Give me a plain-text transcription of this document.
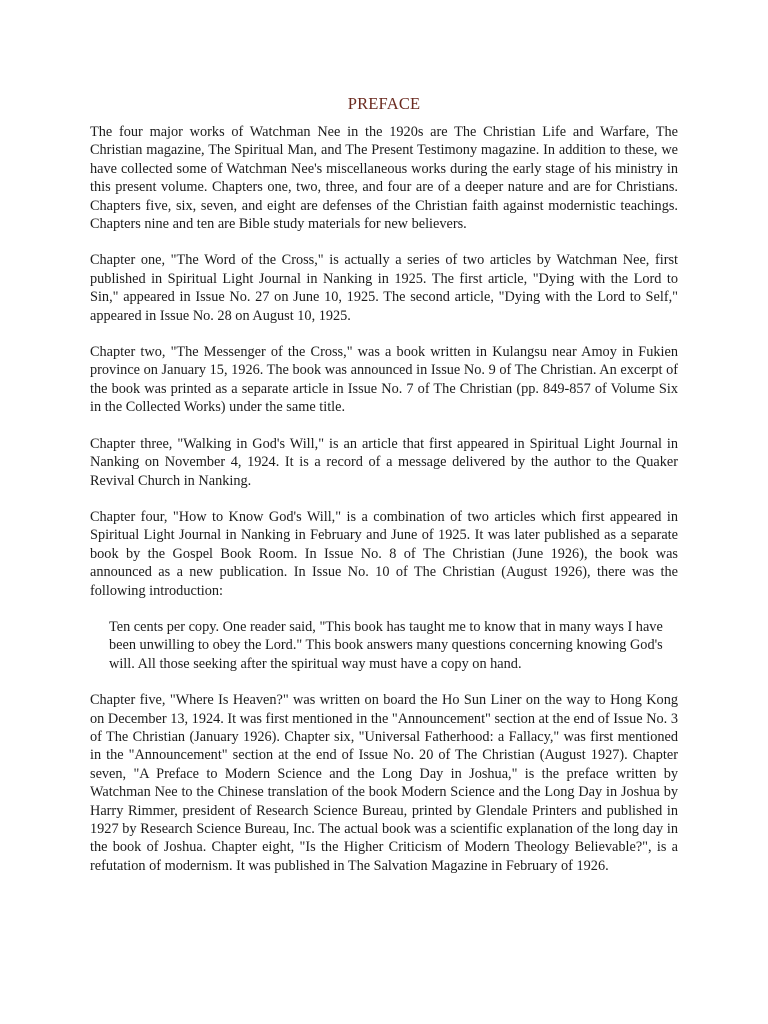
PREFACE

The four major works of Watchman Nee in the 1920s are The Christian Life and Warfare, The Christian magazine, The Spiritual Man, and The Present Testimony magazine. In addition to these, we have collected some of Watchman Nee's miscellaneous works during the early stage of his ministry in this present volume. Chapters one, two, three, and four are of a deeper nature and are for Christians. Chapters five, six, seven, and eight are defenses of the Christian faith against modernistic teachings. Chapters nine and ten are Bible study materials for new believers.

Chapter one, "The Word of the Cross," is actually a series of two articles by Watchman Nee, first published in Spiritual Light Journal in Nanking in 1925. The first article, "Dying with the Lord to Sin," appeared in Issue No. 27 on June 10, 1925. The second article, "Dying with the Lord to Self," appeared in Issue No. 28 on August 10, 1925.

Chapter two, "The Messenger of the Cross," was a book written in Kulangsu near Amoy in Fukien province on January 15, 1926. The book was announced in Issue No. 9 of The Christian. An excerpt of the book was printed as a separate article in Issue No. 7 of The Christian (pp. 849-857 of Volume Six in the Collected Works) under the same title.

Chapter three, "Walking in God's Will," is an article that first appeared in Spiritual Light Journal in Nanking on November 4, 1924. It is a record of a message delivered by the author to the Quaker Revival Church in Nanking.

Chapter four, "How to Know God's Will," is a combination of two articles which first appeared in Spiritual Light Journal in Nanking in February and June of 1925. It was later published as a separate book by the Gospel Book Room. In Issue No. 8 of The Christian (June 1926), the book was announced as a new publication. In Issue No. 10 of The Christian (August 1926), there was the following introduction:

Ten cents per copy. One reader said, "This book has taught me to know that in many ways I have been unwilling to obey the Lord." This book answers many questions concerning knowing God's will. All those seeking after the spiritual way must have a copy on hand.

Chapter five, "Where Is Heaven?" was written on board the Ho Sun Liner on the way to Hong Kong on December 13, 1924. It was first mentioned in the "Announcement" section at the end of Issue No. 3 of The Christian (January 1926). Chapter six, "Universal Fatherhood: a Fallacy," was first mentioned in the "Announcement" section at the end of Issue No. 20 of The Christian (August 1927). Chapter seven, "A Preface to Modern Science and the Long Day in Joshua," is the preface written by Watchman Nee to the Chinese translation of the book Modern Science and the Long Day in Joshua by Harry Rimmer, president of Research Science Bureau, printed by Glendale Printers and published in 1927 by Research Science Bureau, Inc. The actual book was a scientific explanation of the long day in the book of Joshua. Chapter eight, "Is the Higher Criticism of Modern Theology Believable?", is a refutation of modernism. It was published in The Salvation Magazine in February of 1926.
